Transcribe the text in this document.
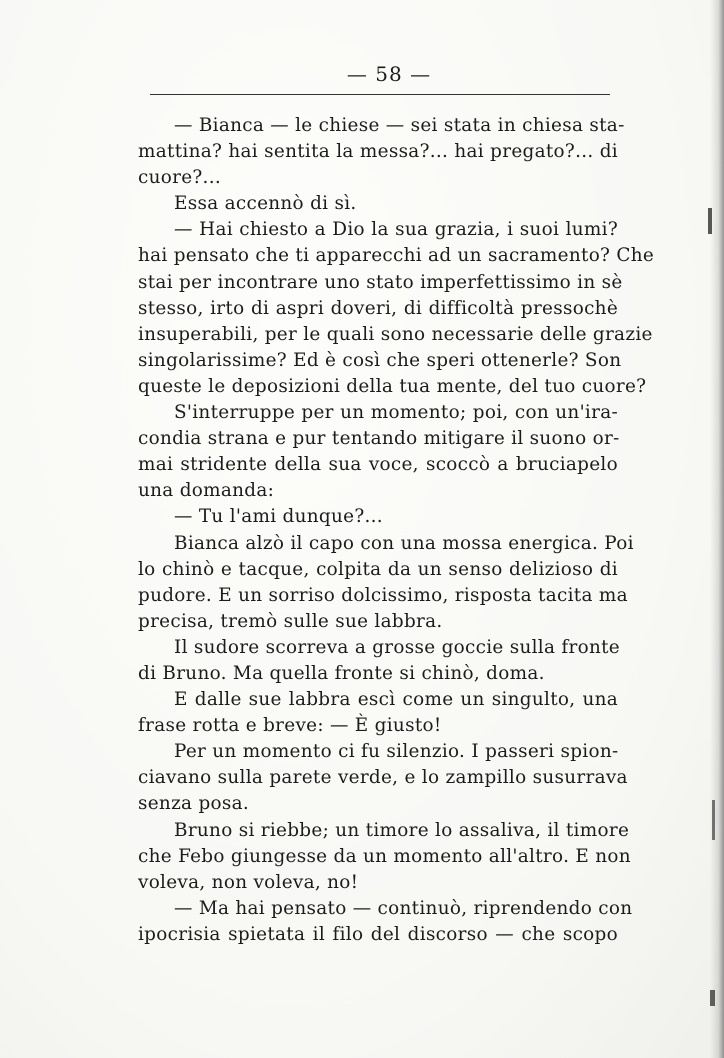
— 58 —
— Bianca — le chiese — sei stata in chiesa sta-
mattina? hai sentita la messa?... hai pregato?... di
cuore?...
Essa accennò di sì.
— Hai chiesto a Dio la sua grazia, i suoi lumi?
hai pensato che ti apparecchi ad un sacramento? Che
stai per incontrare uno stato imperfettissimo in sè
stesso, irto di aspri doveri, di difficoltà pressochè
insuperabili, per le quali sono necessarie delle grazie
singolarissime? Ed è così che speri ottenerle? Son
queste le deposizioni della tua mente, del tuo cuore?
S'interruppe per un momento; poi, con un'ira-
condia strana e pur tentando mitigare il suono or-
mai stridente della sua voce, scoccò a bruciapelo
una domanda:
— Tu l'ami dunque?...
Bianca alzò il capo con una mossa energica. Poi
lo chinò e tacque, colpita da un senso delizioso di
pudore. E un sorriso dolcissimo, risposta tacita ma
precisa, tremò sulle sue labbra.
Il sudore scorreva a grosse goccie sulla fronte
di Bruno. Ma quella fronte si chinò, doma.
E dalle sue labbra escì come un singulto, una
frase rotta e breve: — È giusto!
Per un momento ci fu silenzio. I passeri spion-
ciavano sulla parete verde, e lo zampillo susurrava
senza posa.
Bruno si riebbe; un timore lo assaliva, il timore
che Febo giungesse da un momento all'altro. E non
voleva, non voleva, no!
— Ma hai pensato — continuò, riprendendo con
ipocrisia spietata il filo del discorso — che scopo
